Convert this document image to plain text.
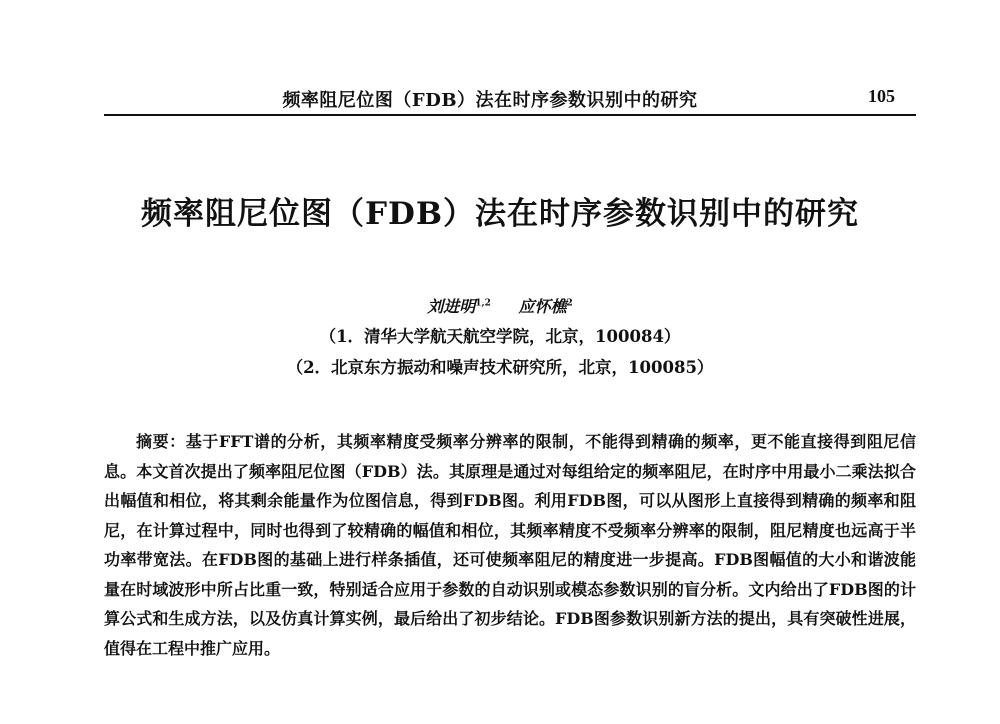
频率阻尼位图（FDB）法在时序参数识别中的研究	105
频率阻尼位图（FDB）法在时序参数识别中的研究
刘进明$^{1,2}$ 应怀樵$^2$
（1．清华大学航天航空学院，北京，100084）
（2．北京东方振动和噪声技术研究所，北京，100085）

摘要：基于FFT谱的分析，其频率精度受频率分辨率的限制，不能得到精确的频率，更不能直接得到阻尼信息。本文首次提出了频率阻尼位图（FDB）法。其原理是通过对每组给定的频率阻尼，在时序中用最小二乘法拟合出幅值和相位，将其剩余能量作为位图信息，得到FDB图。利用FDB图，可以从图形上直接得到精确的频率和阻尼，在计算过程中，同时也得到了较精确的幅值和相位，其频率精度不受频率分辨率的限制，阻尼精度也远高于半功率带宽法。在FDB图的基础上进行样条插值，还可使频率阻尼的精度进一步提高。FDB图幅值的大小和谐波能量在时域波形中所占比重一致，特别适合应用于参数的自动识别或模态参数识别的盲分析。文内给出了FDB图的计算公式和生成方法，以及仿真计算实例，最后给出了初步结论。FDB图参数识别新方法的提出，具有突破性进展，值得在工程中推广应用。
